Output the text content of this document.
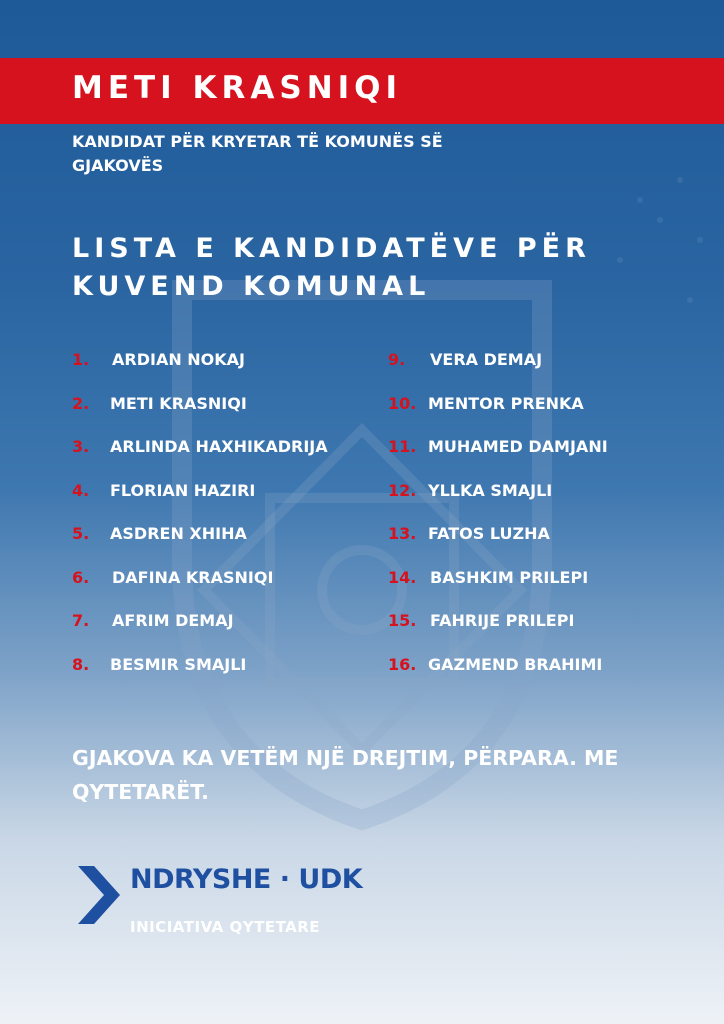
METI KRASNIQI
KANDIDAT PËR KRYETAR TË KOMUNËS SË GJAKOVËS
LISTA E KANDIDATËVE PËR KUVEND KOMUNAL
1. ARDIAN NOKAJ
2. METI KRASNIQI
3. ARLINDA HAXHIKADRIJA
4. FLORIAN HAZIRI
5. ASDREN XHIHA
6. DAFINA KRASNIQI
7. AFRIM DEMAJ
8. BESMIR SMAJLI
9. VERA DEMAJ
10. MENTOR PRENKA
11. MUHAMED DAMJANI
12. YLLKA SMAJLI
13. FATOS LUZHA
14. BASHKIM PRILEPI
15. FAHRIJE PRILEPI
16. GAZMEND BRAHIMI
GJAKOVA KA VETËM NJË DREJTIM, PËRPARA. ME QYTETARËT.
NDRYSHE · UDK
INICIATIVA QYTETARE
